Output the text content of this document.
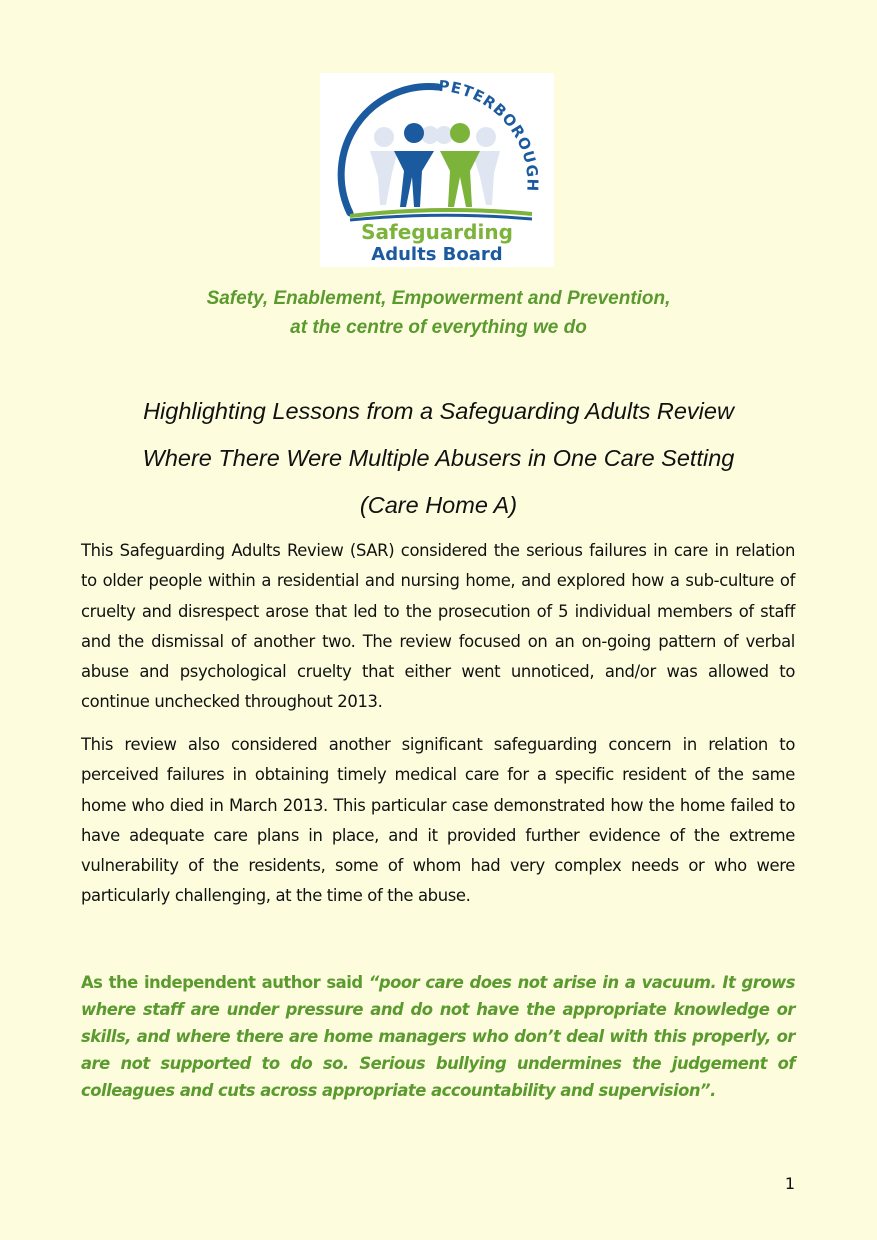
PETERBOROUGH
Safeguarding
Adults Board
Safety, Enablement, Empowerment and Prevention,
at the centre of everything we do
Highlighting Lessons from a Safeguarding Adults Review
Where There Were Multiple Abusers in One Care Setting
(Care Home A)

This Safeguarding Adults Review (SAR) considered the serious failures in care in relation to older people within a residential and nursing home, and explored how a sub-culture of cruelty and disrespect arose that led to the prosecution of 5 individual members of staff and the dismissal of another two. The review focused on an on-going pattern of verbal abuse and psychological cruelty that either went unnoticed, and/or was allowed to continue unchecked throughout 2013.

This review also considered another significant safeguarding concern in relation to perceived failures in obtaining timely medical care for a specific resident of the same home who died in March 2013. This particular case demonstrated how the home failed to have adequate care plans in place, and it provided further evidence of the extreme vulnerability of the residents, some of whom had very complex needs or who were particularly challenging, at the time of the abuse.

As the independent author said “poor care does not arise in a vacuum. It grows where staff are under pressure and do not have the appropriate knowledge or skills, and where there are home managers who don’t deal with this properly, or are not supported to do so. Serious bullying undermines the judgement of colleagues and cuts across appropriate accountability and supervision”.

1
